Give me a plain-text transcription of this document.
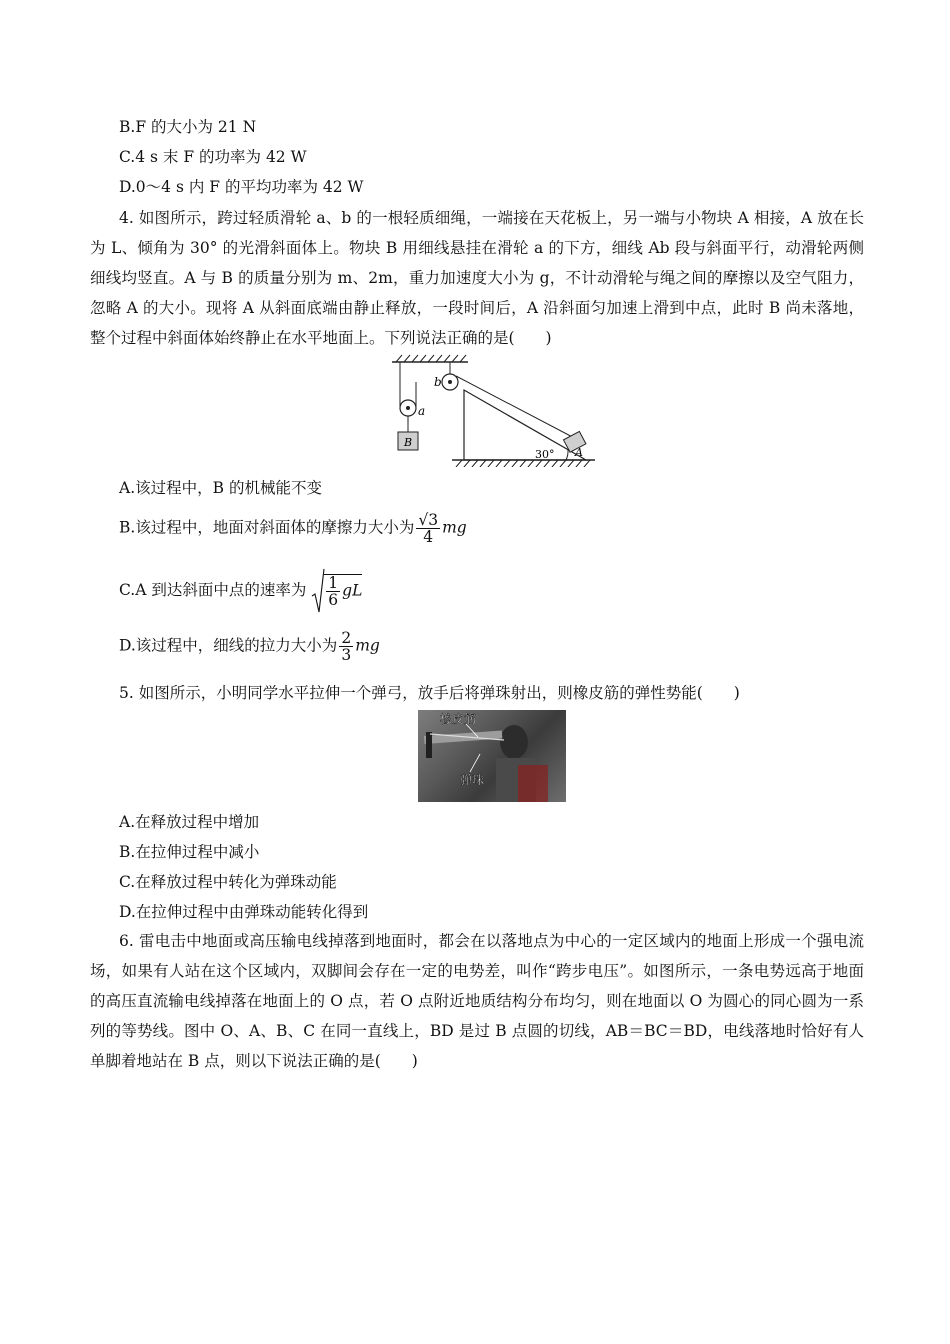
B.F 的大小为 21 N
C.4 s 末 F 的功率为 42 W
D.0～4 s 内 F 的平均功率为 42 W
4. 如图所示，跨过轻质滑轮 a、b 的一根轻质细绳，一端接在天花板上，另一端与小物块 A 相接，A 放在长为 L、倾角为 30° 的光滑斜面体上。物块 B 用细线悬挂在滑轮 a 的下方，细线 Ab 段与斜面平行，动滑轮两侧细线均竖直。A 与 B 的质量分别为 m、2m，重力加速度大小为 g，不计动滑轮与绳之间的摩擦以及空气阻力，忽略 A 的大小。现将 A 从斜面底端由静止释放，一段时间后，A 沿斜面匀加速上滑到中点，此时 B 尚未落地，整个过程中斜面体始终静止在水平地面上。下列说法正确的是(　　)
b
a
B
A
30°
A.该过程中，B 的机械能不变
B.该过程中，地面对斜面体的摩擦力大小为 $\frac{√3}{4}$ mg
C.A 到达斜面中点的速率为 $\frac{1}{6}$ gL
D.该过程中，细线的拉力大小为 $\frac{2}{3}$ mg
5. 如图所示，小明同学水平拉伸一个弹弓，放手后将弹珠射出，则橡皮筋的弹性势能(　　)
橡皮筋
弹珠
A.在释放过程中增加
B.在拉伸过程中减小
C.在释放过程中转化为弹珠动能
D.在拉伸过程中由弹珠动能转化得到
6. 雷电击中地面或高压输电线掉落到地面时，都会在以落地点为中心的一定区域内的地面上形成一个强电流场，如果有人站在这个区域内，双脚间会存在一定的电势差，叫作“跨步电压”。如图所示，一条电势远高于地面的高压直流输电线掉落在地面上的 O 点，若 O 点附近地质结构分布均匀，则在地面以 O 为圆心的同心圆为一系列的等势线。图中 O、A、B、C 在同一直线上，BD 是过 B 点圆的切线，AB＝BC＝BD，电线落地时恰好有人单脚着地站在 B 点，则以下说法正确的是(　　)
